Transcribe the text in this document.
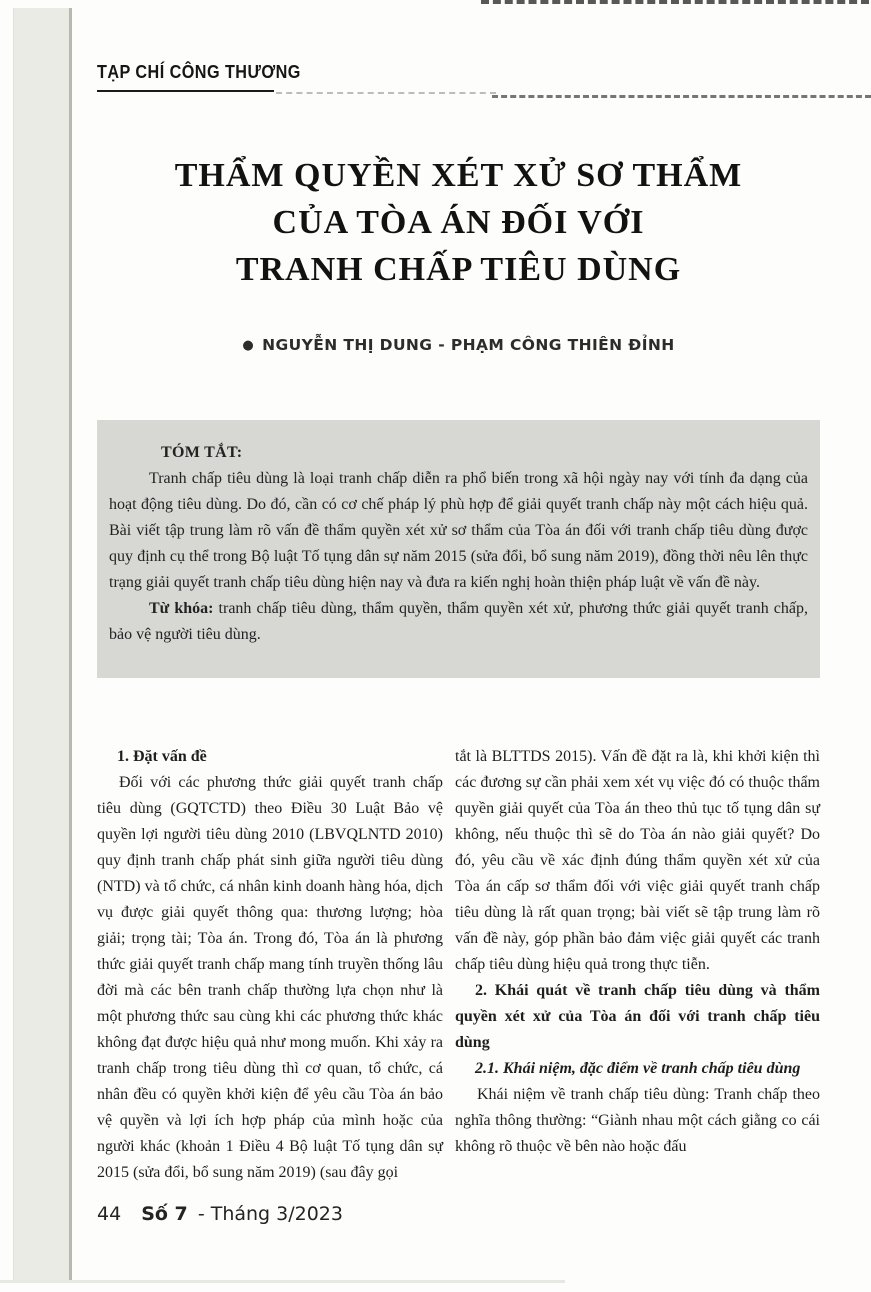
TẠP CHÍ CÔNG THƯƠNG
THẨM QUYỀN XÉT XỬ SƠ THẨM
CỦA TÒA ÁN ĐỐI VỚI
TRANH CHẤP TIÊU DÙNG
● NGUYỄN THỊ DUNG - PHẠM CÔNG THIÊN ĐỈNH

TÓM TẮT:

Tranh chấp tiêu dùng là loại tranh chấp diễn ra phổ biến trong xã hội ngày nay với tính đa dạng của hoạt động tiêu dùng. Do đó, cần có cơ chế pháp lý phù hợp để giải quyết tranh chấp này một cách hiệu quả. Bài viết tập trung làm rõ vấn đề thẩm quyền xét xử sơ thẩm của Tòa án đối với tranh chấp tiêu dùng được quy định cụ thể trong Bộ luật Tố tụng dân sự năm 2015 (sửa đổi, bổ sung năm 2019), đồng thời nêu lên thực trạng giải quyết tranh chấp tiêu dùng hiện nay và đưa ra kiến nghị hoàn thiện pháp luật về vấn đề này.

Từ khóa: tranh chấp tiêu dùng, thẩm quyền, thẩm quyền xét xử, phương thức giải quyết tranh chấp, bảo vệ người tiêu dùng.

1. Đặt vấn đề

Đối với các phương thức giải quyết tranh chấp tiêu dùng (GQTCTD) theo Điều 30 Luật Bảo vệ quyền lợi người tiêu dùng 2010 (LBVQLNTD 2010) quy định tranh chấp phát sinh giữa người tiêu dùng (NTD) và tổ chức, cá nhân kinh doanh hàng hóa, dịch vụ được giải quyết thông qua: thương lượng; hòa giải; trọng tài; Tòa án. Trong đó, Tòa án là phương thức giải quyết tranh chấp mang tính truyền thống lâu đời mà các bên tranh chấp thường lựa chọn như là một phương thức sau cùng khi các phương thức khác không đạt được hiệu quả như mong muốn. Khi xảy ra tranh chấp trong tiêu dùng thì cơ quan, tổ chức, cá nhân đều có quyền khởi kiện để yêu cầu Tòa án bảo vệ quyền và lợi ích hợp pháp của mình hoặc của người khác (khoản 1 Điều 4 Bộ luật Tố tụng dân sự 2015 (sửa đổi, bổ sung năm 2019) (sau đây gọi

tắt là BLTTDS 2015). Vấn đề đặt ra là, khi khởi kiện thì các đương sự cần phải xem xét vụ việc đó có thuộc thẩm quyền giải quyết của Tòa án theo thủ tục tố tụng dân sự không, nếu thuộc thì sẽ do Tòa án nào giải quyết? Do đó, yêu cầu về xác định đúng thẩm quyền xét xử của Tòa án cấp sơ thẩm đối với việc giải quyết tranh chấp tiêu dùng là rất quan trọng; bài viết sẽ tập trung làm rõ vấn đề này, góp phần bảo đảm việc giải quyết các tranh chấp tiêu dùng hiệu quả trong thực tiễn.

2. Khái quát về tranh chấp tiêu dùng và thẩm quyền xét xử của Tòa án đối với tranh chấp tiêu dùng

2.1. Khái niệm, đặc điểm về tranh chấp tiêu dùng

Khái niệm về tranh chấp tiêu dùng: Tranh chấp theo nghĩa thông thường: “Giành nhau một cách giằng co cái không rõ thuộc về bên nào hoặc đấu

44 Số 7 - Tháng 3/2023
